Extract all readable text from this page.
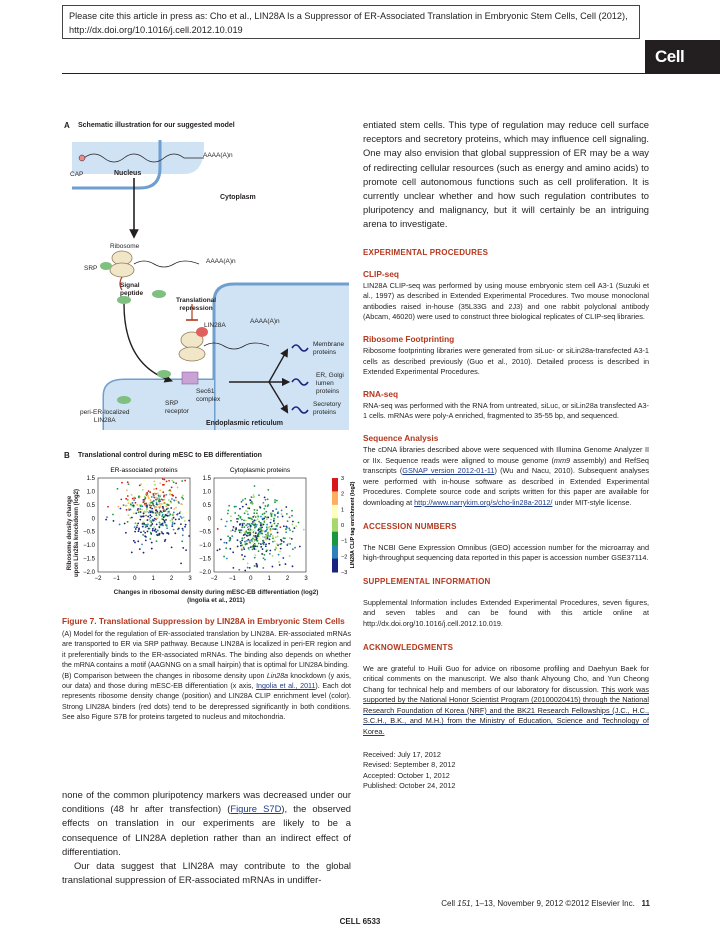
Please cite this article in press as: Cho et al., LIN28A Is a Suppressor of ER-Associated Translation in Embryonic Stem Cells, Cell (2012),
http://dx.doi.org/10.1016/j.cell.2012.10.019
Cell
A Schematic illustration for our suggested model
CAP
AAAA(A)n
Nucleus
Cytoplasm
Ribosome
AAAA(A)n
SRP
Signal
peptide
Translational
repression
LIN28A
AAAA(A)n
Membrane
proteins
ER, Golgi
lumen
proteins
Secretory
proteins
Sec61
complex
SRP
receptor
peri-ER-localized
LIN28A	Endoplasmic reticulum
B Translational control during mESC to EB differentiation
Ribosome density change
upon Lin28a knockdown (log2)
ER-associated proteins
1.5
1.0
0.5
0
−0.5
−1.0
−1.5
−2.0
−2 −1 0	1	2	3
Cytoplasmic proteins
1.5
1.0
0.5
0
−0.5
−1.0
−1.5
−2.0
−2 −1 0	1	2	3
3
2
1
0
−1
−2
−3
LIN28A CLIP tag enrichment (log2)
Changes in ribosomal density during mESC-EB differentiation (log2)
(Ingolia et al., 2011)
Figure 7. Translational Suppression by LIN28A in Embryonic Stem Cells
(A) Model for the regulation of ER-associated translation by LIN28A. ER-associated mRNAs are transported to ER via SRP pathway. Because LIN28A is localized in peri-ER region and it preferentially binds to the ER-associated mRNAs. The binding also depends on whether the mRNA contains a motif (AAGNNG on a small hairpin) that is optimal for LIN28A binding.
(B) Comparison between the changes in ribosome density upon Lin28a knockdown (y axis, our data) and those during mESC-EB differentiation (x axis, Ingolia et al., 2011). Each dot represents ribosome density change (position) and LIN28A CLIP enrichment level (color). Strong LIN28A binders (red dots) tend to be derepressed significantly in both conditions. See also Figure S7B for proteins targeted to nucleus and mitochondria.
none of the common pluripotency markers was decreased under our conditions (48 hr after transfection) (Figure S7D), the observed effects on translation in our experiments are likely to be a consequence of LIN28A depletion rather than an indirect effect of differentiation.
Our data suggest that LIN28A may contribute to the global translational suppression of ER-associated mRNAs in undiffer-
entiated stem cells. This type of regulation may reduce cell surface receptors and secretory proteins, which may influence cell signaling. One may also envision that global suppression of ER may be a way of redirecting cellular resources (such as energy and amino acids) to promote cell autonomous functions such as cell proliferation. It is currently unclear whether and how such regulation contributes to pluripotency and malignancy, but it will certainly be an intriguing arena to investigate.
EXPERIMENTAL PROCEDURES
CLIP-seq
LIN28A CLIP-seq was performed by using mouse embryonic stem cell A3-1 (Suzuki et al., 1997) as described in Extended Experimental Procedures. Two mouse monoclonal antibodies raised in-house (35L33G and 2J3) and one rabbit polyclonal antibody (Abcam, 46020) were used to construct three biological replicates of CLIP-seq libraries.
Ribosome Footprinting
Ribosome footprinting libraries were generated from siLuc- or siLin28a-transfected A3-1 cells as described previously (Guo et al., 2010). Detailed process is described in Extended Experimental Procedures.
RNA-seq
RNA-seq was performed with the RNA from untreated, siLuc, or siLin28a transfected A3-1 cells. mRNAs were poly-A enriched, fragmented to 35-55 bp, and sequenced.
Sequence Analysis
The cDNA libraries described above were sequenced with Illumina Genome Analyzer II or IIx. Sequence reads were aligned to mouse genome (mm9 assembly) and RefSeq transcripts (GSNAP version 2012-01-11) (Wu and Nacu, 2010). Subsequent analyses were performed with in-house software as described in Extended Experimental Procedures. Complete source code and scripts written for this paper are available for downloading at http://www.narrykim.org/s/cho-lin28a-2012/ under MIT-style license.
ACCESSION NUMBERS
The NCBI Gene Expression Omnibus (GEO) accession number for the microarray and high-throughput sequencing data reported in this paper is accession number GSE37114.
SUPPLEMENTAL INFORMATION
Supplemental Information includes Extended Experimental Procedures, seven figures, and seven tables and can be found with this article online at http://dx.doi.org/10.1016/j.cell.2012.10.019.
ACKNOWLEDGMENTS
We are grateful to Huili Guo for advice on ribosome profiling and Daehyun Baek for critical comments on the manuscript. We also thank Ahyoung Cho, and Yun Cheong Chang for technical help and members of our laboratory for discussion. This work was supported by the National Honor Scientist Program (20100020415) through the National Research Foundation of Korea (NRF) and the BK21 Research Fellowships (J.C., H.C., S.C.H., B.K., and M.H.) from the Ministry of Education, Science and Technology of Korea.
Received: July 17, 2012
Revised: September 8, 2012
Accepted: October 1, 2012
Published: October 24, 2012
Cell 151, 1–13, November 9, 2012 ©2012 Elsevier Inc. 11
CELL 6533
